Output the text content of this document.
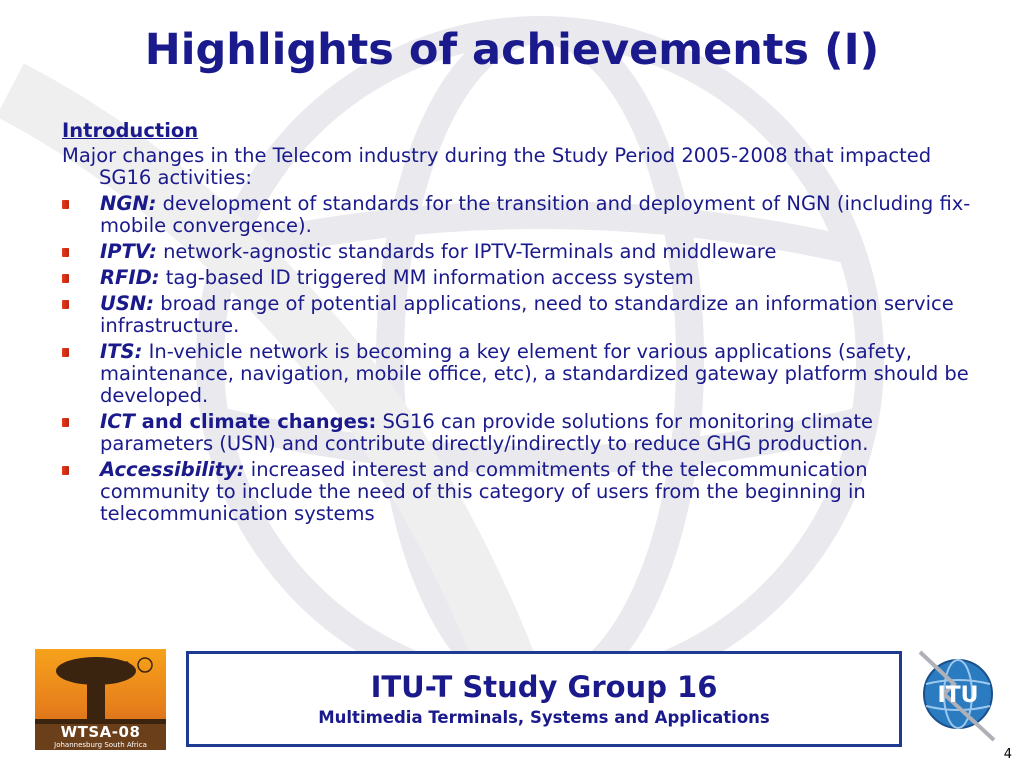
Highlights of achievements (I)
Introduction
Major changes in the Telecom industry during the Study Period 2005-2008 that impacted SG16 activities:
NGN: development of standards for the transition and deployment of NGN (including fix-mobile convergence).
IPTV: network-agnostic standards for IPTV-Terminals and middleware
RFID: tag-based ID triggered MM information access system
USN: broad range of potential applications, need to standardize an information service infrastructure.
ITS: In-vehicle network is becoming a key element for various applications (safety, maintenance, navigation, mobile office, etc), a standardized gateway platform should be developed.
ICT and climate changes: SG16 can provide solutions for monitoring climate parameters (USN) and contribute directly/indirectly to reduce GHG production.
Accessibility: increased interest and commitments of the telecommunication community to include the need of this category of users from the beginning in telecommunication systems
WTSA-08
Johannesburg South Africa
ITU-T Study Group 16
Multimedia Terminals, Systems and Applications
ITU
4
